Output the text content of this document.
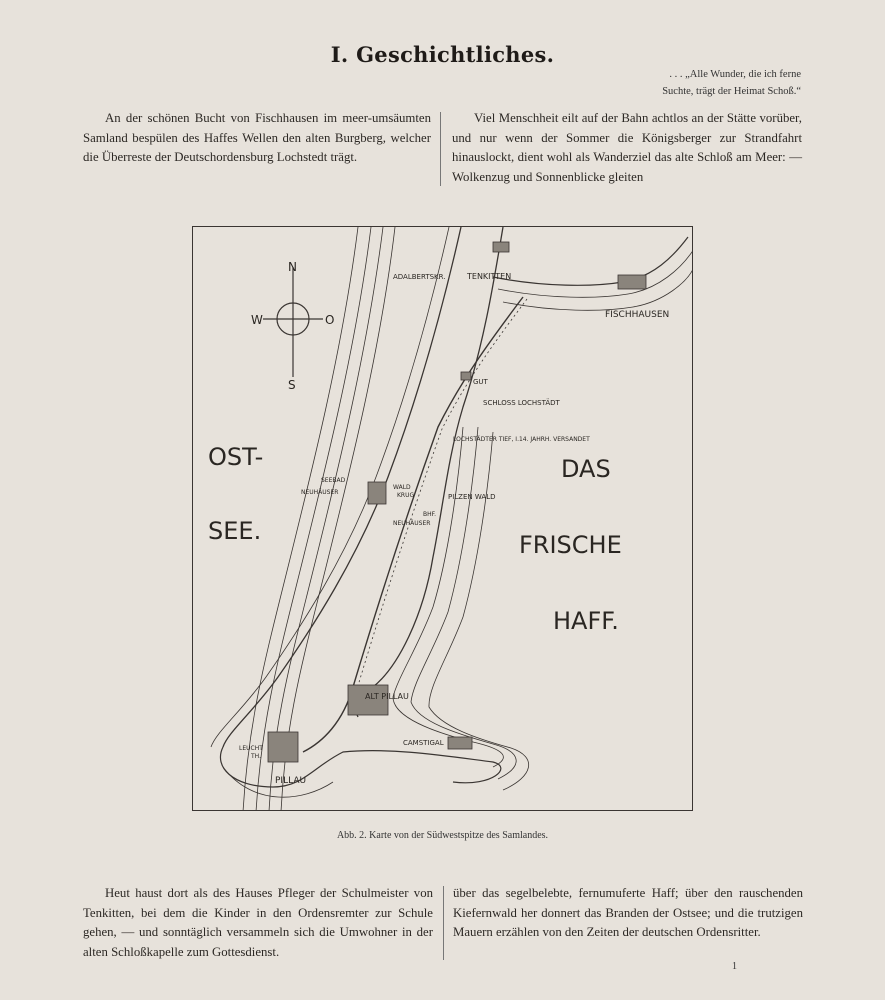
I. Geschichtliches.
. . . „Alle Wunder, die ich ferne
Suchte, trägt der Heimat Schoß.“

An der schönen Bucht von Fischhausen im meer-umsäumten Samland bespülen des Haffes Wellen den alten Burgberg, welcher die Überreste der Deutschordensburg Lochstedt trägt.

Viel Menschheit eilt auf der Bahn achtlos an der Stätte vorüber, und nur wenn der Sommer die Königsberger zur Strandfahrt hinauslockt, dient wohl als Wanderziel das alte Schloß am Meer: — Wolkenzug und Sonnenblicke gleiten

N
S
W	O
OST-
SEE.
DAS
FRISCHE
HAFF.
ADALBERTSKR.	TENKITTEN
FISCHHAUSEN
GUT
SCHLOSS LOCHSTÄDT
LOCHSTÄDTER TIEF, I.14. JAHRH. VERSANDET
SEEBAD
NEUHÄUSER
WALD
KRUG	PILZEN WALD
BHF.
NEUHÄUSER
ALT PILLAU
CAMSTIGAL
LEUCHT
TH.
PILLAU
Abb. 2. Karte von der Südwestspitze des Samlandes.

Heut haust dort als des Hauses Pfleger der Schulmeister von Tenkitten, bei dem die Kinder in den Ordensremter zur Schule gehen, — und sonntäglich versammeln sich die Umwohner in der alten Schloßkapelle zum Gottesdienst.

über das segelbelebte, fernumuferte Haff; über den rauschenden Kiefernwald her donnert das Branden der Ostsee; und die trutzigen Mauern erzählen von den Zeiten der deutschen Ordensritter.

1
